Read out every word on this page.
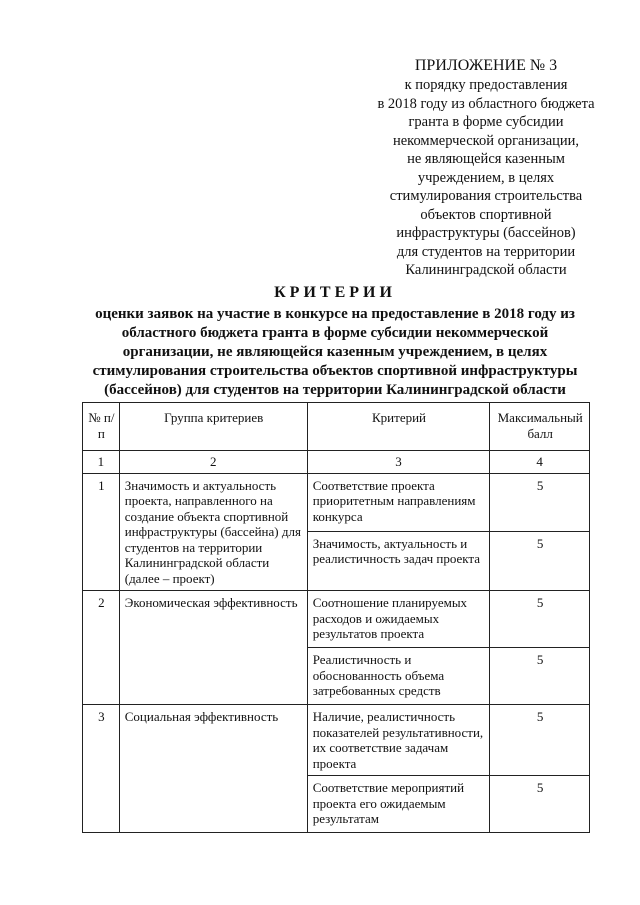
ПРИЛОЖЕНИЕ № 3
к порядку предоставления
в 2018 году из областного бюджета
гранта в форме субсидии
некоммерческой организации,
не являющейся казенным
учреждением, в целях
стимулирования строительства
объектов спортивной
инфраструктуры (бассейнов)
для студентов на территории
Калининградской области
КРИТЕРИИ
оценки заявок на участие в конкурсе на предоставление в 2018 году из
областного бюджета гранта в форме субсидии некоммерческой
организации, не являющейся казенным учреждением, в целях
стимулирования строительства объектов спортивной инфраструктуры
(бассейнов) для студентов на территории Калининградской области
№ п/п	Группа критериев	Критерий	Максимальный балл
1	2	3	4
1	Значимость и актуальность проекта, направленного на создание объекта спортивной инфраструктуры (бассейна) для студентов на территории Калининградской области (далее – проект)	Соответствие проекта приоритетным направлениям конкурса	5
		Значимость, актуальность и реалистичность задач проекта	5
2	Экономическая эффективность	Соотношение планируемых расходов и ожидаемых результатов проекта	5
		Реалистичность и обоснованность объема затребованных средств	5
3	Социальная эффективность	Наличие, реалистичность показателей результативности, их соответствие задачам проекта	5
		Соответствие мероприятий проекта его ожидаемым результатам	5
